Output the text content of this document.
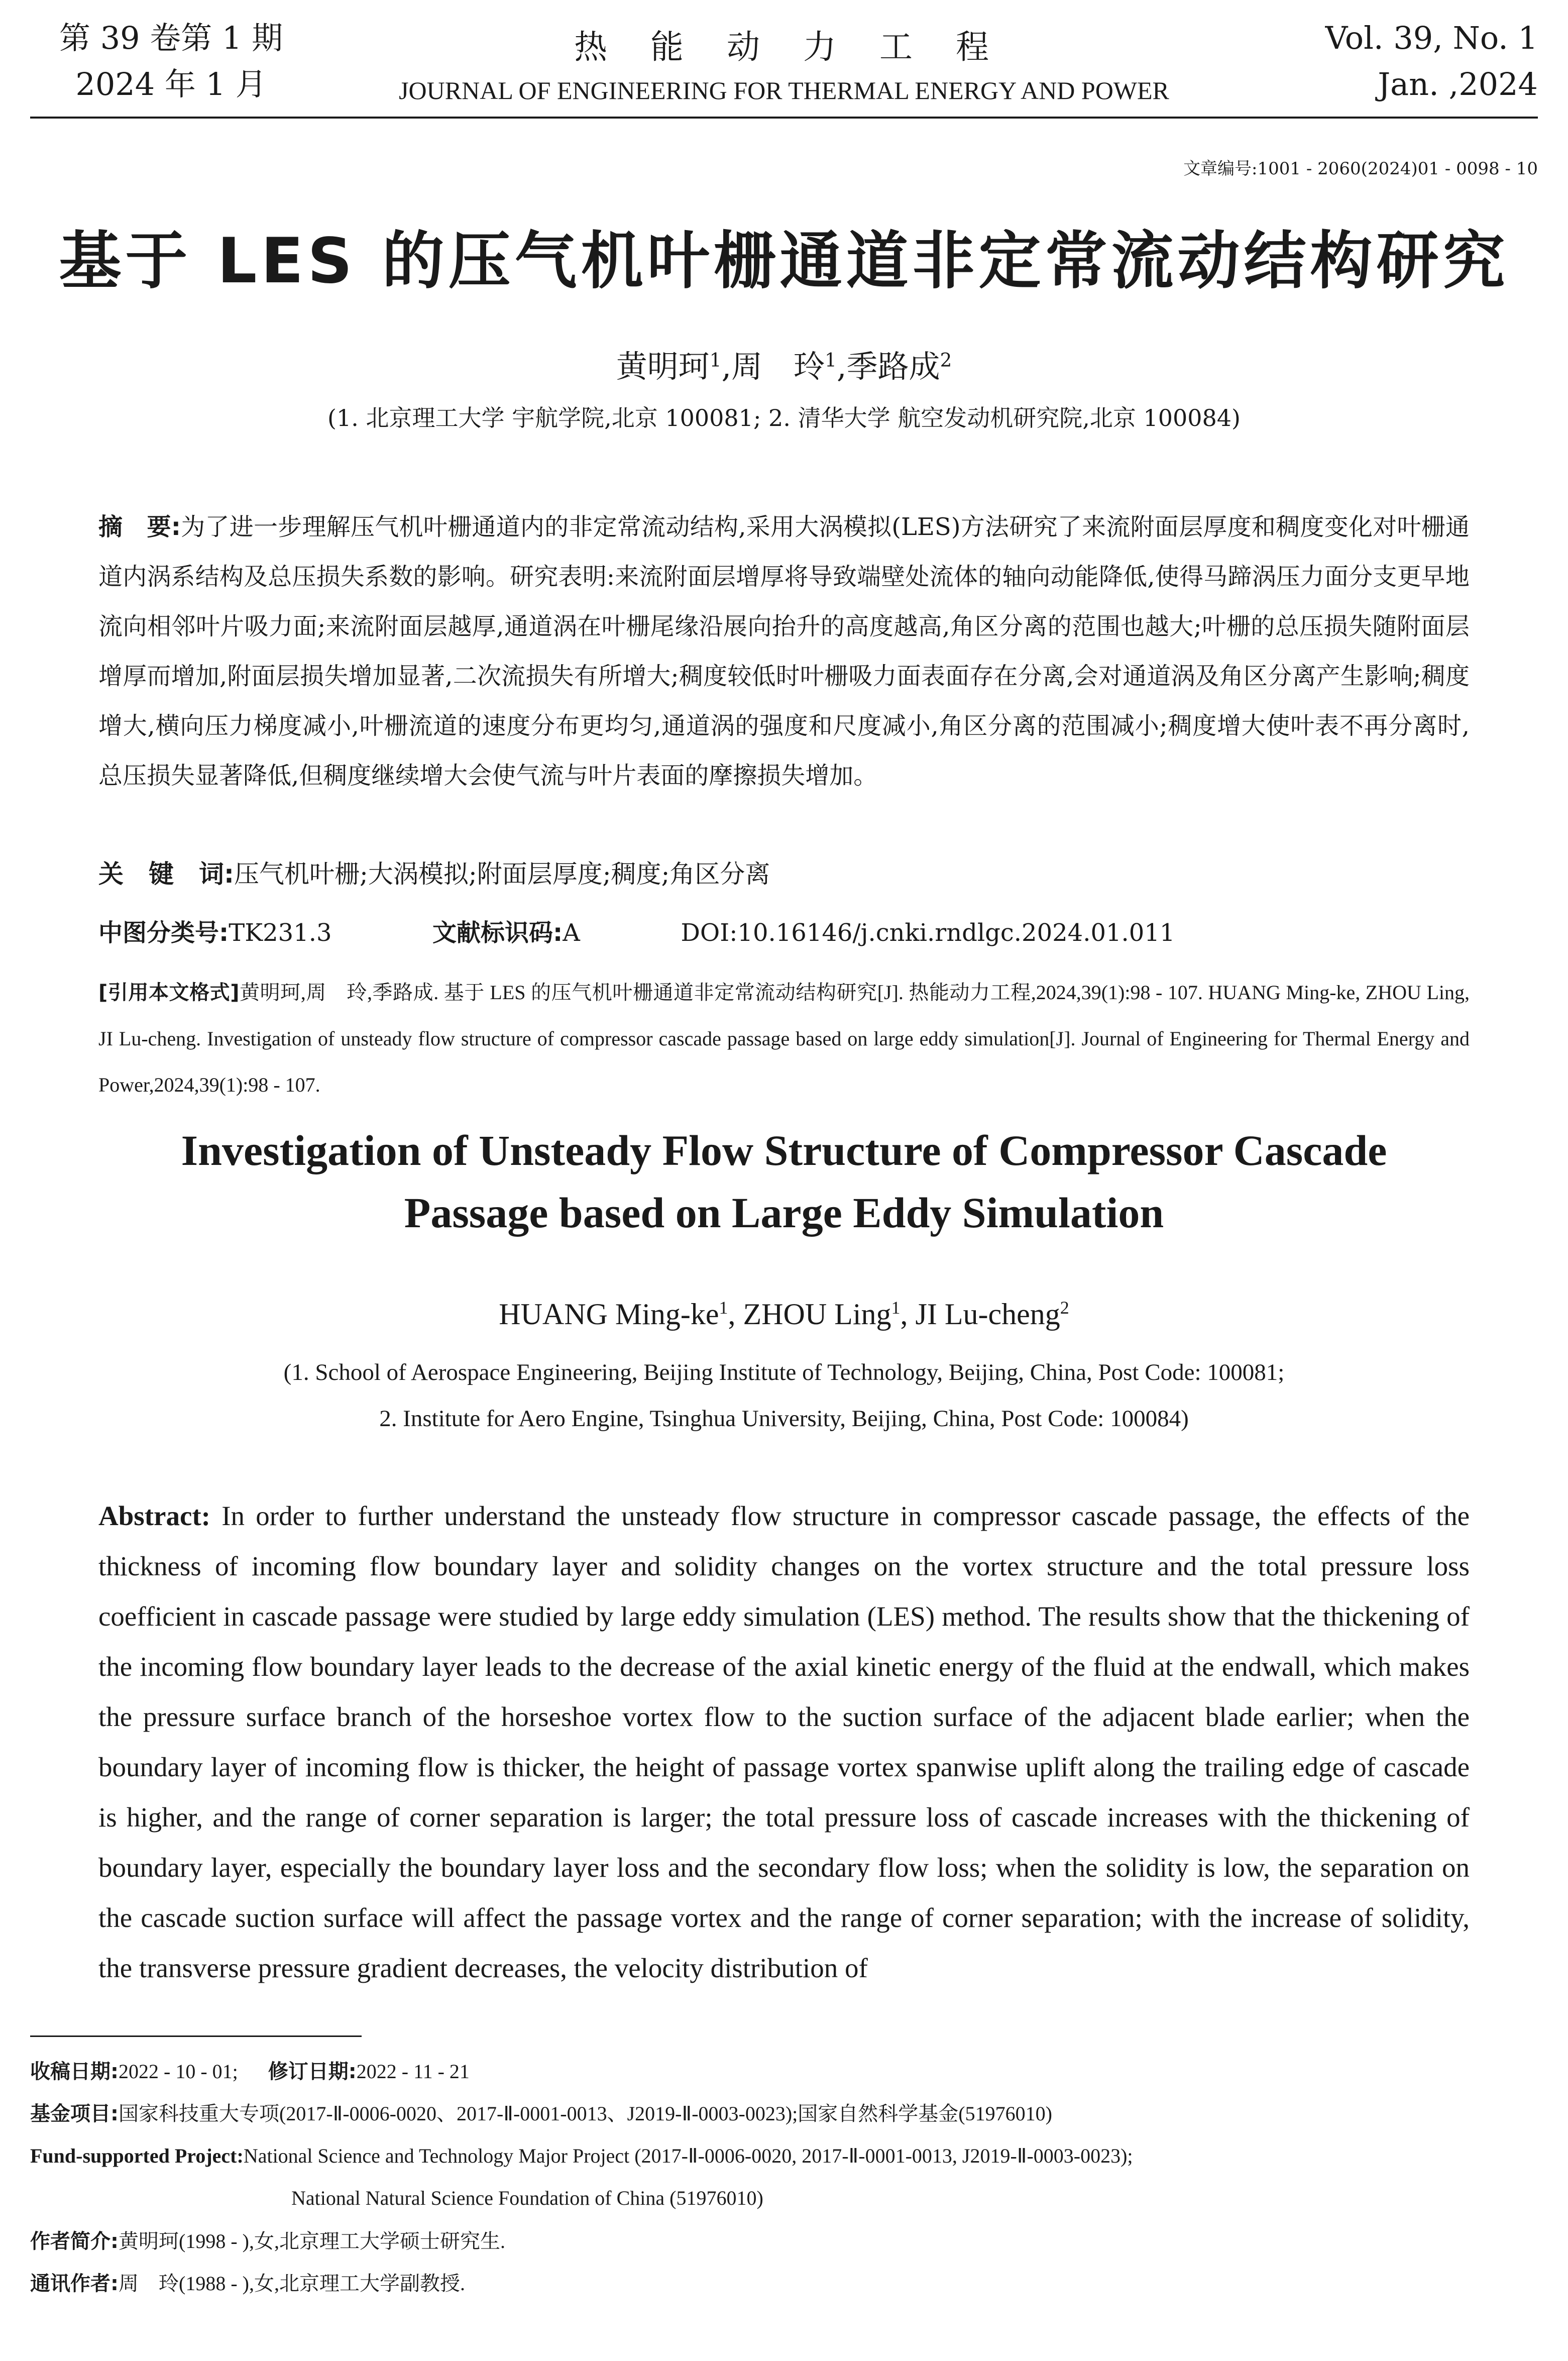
第 39 卷第 1 期
2024 年 1 月
热　能　动　力　工　程
JOURNAL OF ENGINEERING FOR THERMAL ENERGY AND POWER
Vol. 39, No. 1
Jan. ,2024
文章编号:1001 - 2060(2024)01 - 0098 - 10
基于 LES 的压气机叶栅通道非定常流动结构研究
黄明珂$^1$,周　玲$^1$,季路成$^2$
(1. 北京理工大学 宇航学院,北京 100081; 2. 清华大学 航空发动机研究院,北京 100084)
摘　要:为了进一步理解压气机叶栅通道内的非定常流动结构,采用大涡模拟(LES)方法研究了来流附面层厚度和稠度变化对叶栅通道内涡系结构及总压损失系数的影响。研究表明:来流附面层增厚将导致端壁处流体的轴向动能降低,使得马蹄涡压力面分支更早地流向相邻叶片吸力面;来流附面层越厚,通道涡在叶栅尾缘沿展向抬升的高度越高,角区分离的范围也越大;叶栅的总压损失随附面层增厚而增加,附面层损失增加显著,二次流损失有所增大;稠度较低时叶栅吸力面表面存在分离,会对通道涡及角区分离产生影响;稠度增大,横向压力梯度减小,叶栅流道的速度分布更均匀,通道涡的强度和尺度减小,角区分离的范围减小;稠度增大使叶表不再分离时,总压损失显著降低,但稠度继续增大会使气流与叶片表面的摩擦损失增加。
关　键　词:压气机叶栅;大涡模拟;附面层厚度;稠度;角区分离
中图分类号:TK231.3	文献标识码:A	DOI:10.16146/j.cnki.rndlgc.2024.01.011
[引用本文格式]黄明珂,周　玲,季路成. 基于 LES 的压气机叶栅通道非定常流动结构研究[J]. 热能动力工程,2024,39(1):98 - 107. HUANG Ming-ke, ZHOU Ling, JI Lu-cheng. Investigation of unsteady flow structure of compressor cascade passage based on large eddy simulation[J]. Journal of Engineering for Thermal Energy and Power,2024,39(1):98 - 107.
Investigation of Unsteady Flow Structure of Compressor Cascade
Passage based on Large Eddy Simulation
HUANG Ming-$ke^1$, ZHOU Ling$^1$, JI Lu-cheng$^2$
(1. School of Aerospace Engineering, Beijing Institute of Technology, Beijing, China, Post Code: 100081;
2. Institute for Aero Engine, Tsinghua University, Beijing, China, Post Code: 100084)
Abstract: In order to further understand the unsteady flow structure in compressor cascade passage, the effects of the thickness of incoming flow boundary layer and solidity changes on the vortex structure and the total pressure loss coefficient in cascade passage were studied by large eddy simulation (LES) method. The results show that the thickening of the incoming flow boundary layer leads to the decrease of the axial kinetic energy of the fluid at the endwall, which makes the pressure surface branch of the horseshoe vortex flow to the suction surface of the adjacent blade earlier; when the boundary layer of incoming flow is thicker, the height of passage vortex spanwise uplift along the trailing edge of cascade is higher, and the range of corner separation is larger; the total pressure loss of cascade increases with the thickening of boundary layer, especially the boundary layer loss and the secondary flow loss; when the solidity is low, the separation on the cascade suction surface will affect the passage vortex and the range of corner separation; with the increase of solidity, the transverse pressure gradient decreases, the velocity distribution of
收稿日期:2022 - 10 - 01; 修订日期:2022 - 11 - 21
基金项目:国家科技重大专项(2017-Ⅱ-0006-0020、2017-Ⅱ-0001-0013、J2019-Ⅱ-0003-0023);国家自然科学基金(51976010)
Fund-supported Project:National Science and Technology Major Project (2017-Ⅱ-0006-0020, 2017-Ⅱ-0001-0013, J2019-Ⅱ-0003-0023);
National Natural Science Foundation of China (51976010)
作者简介:黄明珂(1998 - ),女,北京理工大学硕士研究生.
通讯作者:周　玲(1988 - ),女,北京理工大学副教授.
